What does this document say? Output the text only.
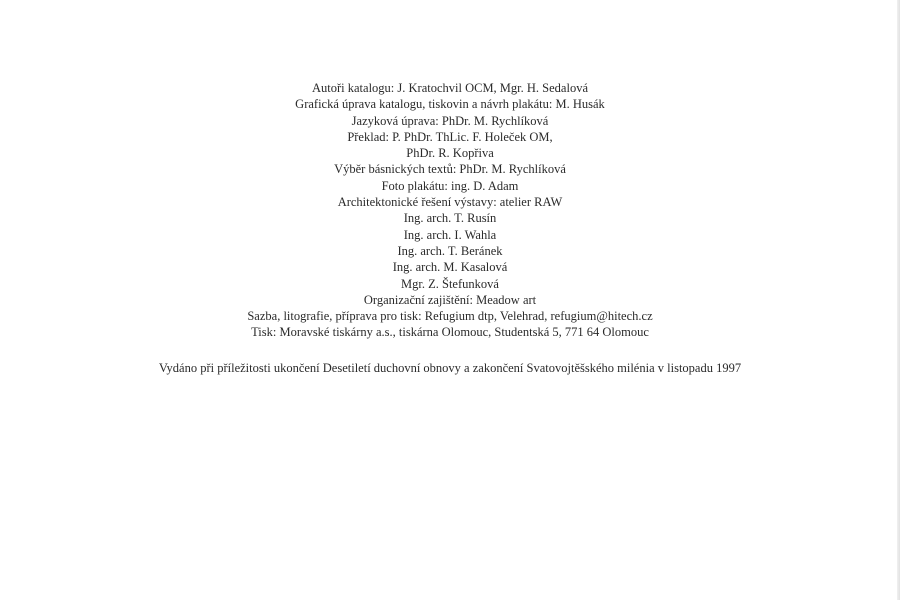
Autoři katalogu: J. Kratochvil OCM, Mgr. H. Sedalová
Grafická úprava katalogu, tiskovin a návrh plakátu: M. Husák
Jazyková úprava: PhDr. M. Rychlíková
Překlad: P. PhDr. ThLic. F. Holeček OM,
PhDr. R. Kopřiva
Výběr básnických textů: PhDr. M. Rychlíková
Foto plakátu: ing. D. Adam
Architektonické řešení výstavy: atelier RAW
Ing. arch. T. Rusín
Ing. arch. I. Wahla
Ing. arch. T. Beránek
Ing. arch. M. Kasalová
Mgr. Z. Štefunková
Organizační zajištění: Meadow art
Sazba, litografie, příprava pro tisk: Refugium dtp, Velehrad, refugium@hitech.cz
Tisk: Moravské tiskárny a.s., tiskárna Olomouc, Studentská 5, 771 64 Olomouc
Vydáno při příležitosti ukončení Desetiletí duchovní obnovy a zakončení Svatovojtěšského milénia v listopadu 1997
